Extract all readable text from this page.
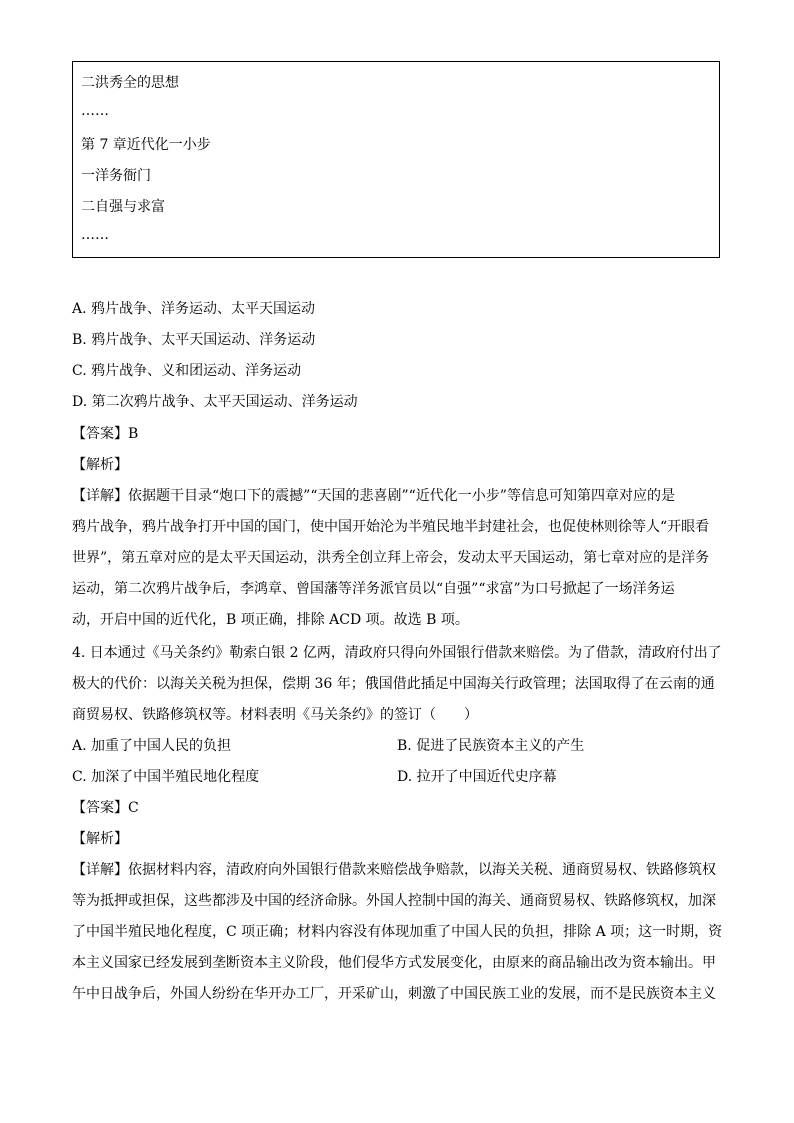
二洪秀全的思想
……
第 7 章近代化一小步
一洋务衙门
二自强与求富
……
A. 鸦片战争、洋务运动、太平天国运动
B. 鸦片战争、太平天国运动、洋务运动
C. 鸦片战争、义和团运动、洋务运动
D. 第二次鸦片战争、太平天国运动、洋务运动
【答案】B
【解析】
【详解】依据题干目录“炮口下的震撼”“天国的悲喜剧”“近代化一小步”等信息可知第四章对应的是
鸦片战争，鸦片战争打开中国的国门，使中国开始沦为半殖民地半封建社会，也促使林则徐等人“开眼看
世界”，第五章对应的是太平天国运动，洪秀全创立拜上帝会，发动太平天国运动，第七章对应的是洋务
运动，第二次鸦片战争后，李鸿章、曾国藩等洋务派官员以“自强”“求富”为口号掀起了一场洋务运
动，开启中国的近代化，B 项正确，排除 ACD 项。故选 B 项。
4. 日本通过《马关条约》勒索白银 2 亿两，清政府只得向外国银行借款来赔偿。为了借款，清政府付出了
极大的代价：以海关关税为担保，偿期 36 年；俄国借此插足中国海关行政管理；法国取得了在云南的通
商贸易权、铁路修筑权等。材料表明《马关条约》的签订（　　）
A. 加重了中国人民的负担	B. 促进了民族资本主义的产生
C. 加深了中国半殖民地化程度	D. 拉开了中国近代史序幕
【答案】C
【解析】
【详解】依据材料内容，清政府向外国银行借款来赔偿战争赔款，以海关关税、通商贸易权、铁路修筑权
等为抵押或担保，这些都涉及中国的经济命脉。外国人控制中国的海关、通商贸易权、铁路修筑权，加深
了中国半殖民地化程度，C 项正确；材料内容没有体现加重了中国人民的负担，排除 A 项；这一时期，资
本主义国家已经发展到垄断资本主义阶段，他们侵华方式发展变化，由原来的商品输出改为资本输出。甲
午中日战争后，外国人纷纷在华开办工厂，开采矿山，刺激了中国民族工业的发展，而不是民族资本主义
